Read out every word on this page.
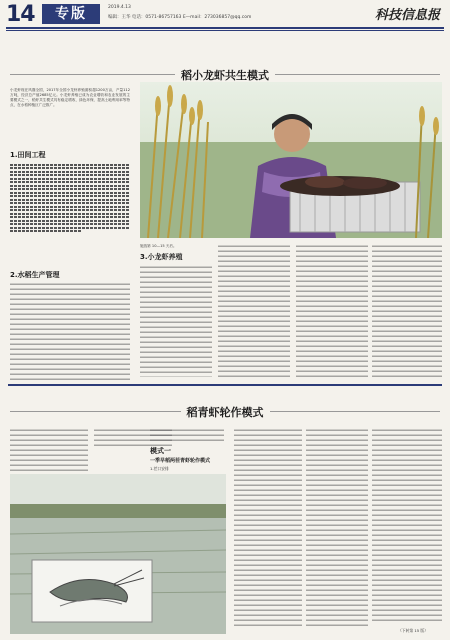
14	专版	2019.4.13
编辑：王华 电话：0571-86757163 E—mail：273036857@qq.com	科技信息报
稻小龙虾共生模式
小龙虾现在风靡全国，2017年全国小龙虾养殖面积超1200万亩，产量112万吨，经济总产值2685亿元。小龙虾养殖已成为农业增收和农业发展的主要模式之一，稻虾共生模式具有稳定增收、绿色环保、提高土地利用率等特点，在水稻种植区广泛推广。
1.田间工程
2.水稻生产管理
施放第 10—15 天后。
3.小龙虾养殖
稻青虾轮作模式
模式一
一季早稻两茬青虾轮作模式
1.茬口安排
（下转第 15 版）
